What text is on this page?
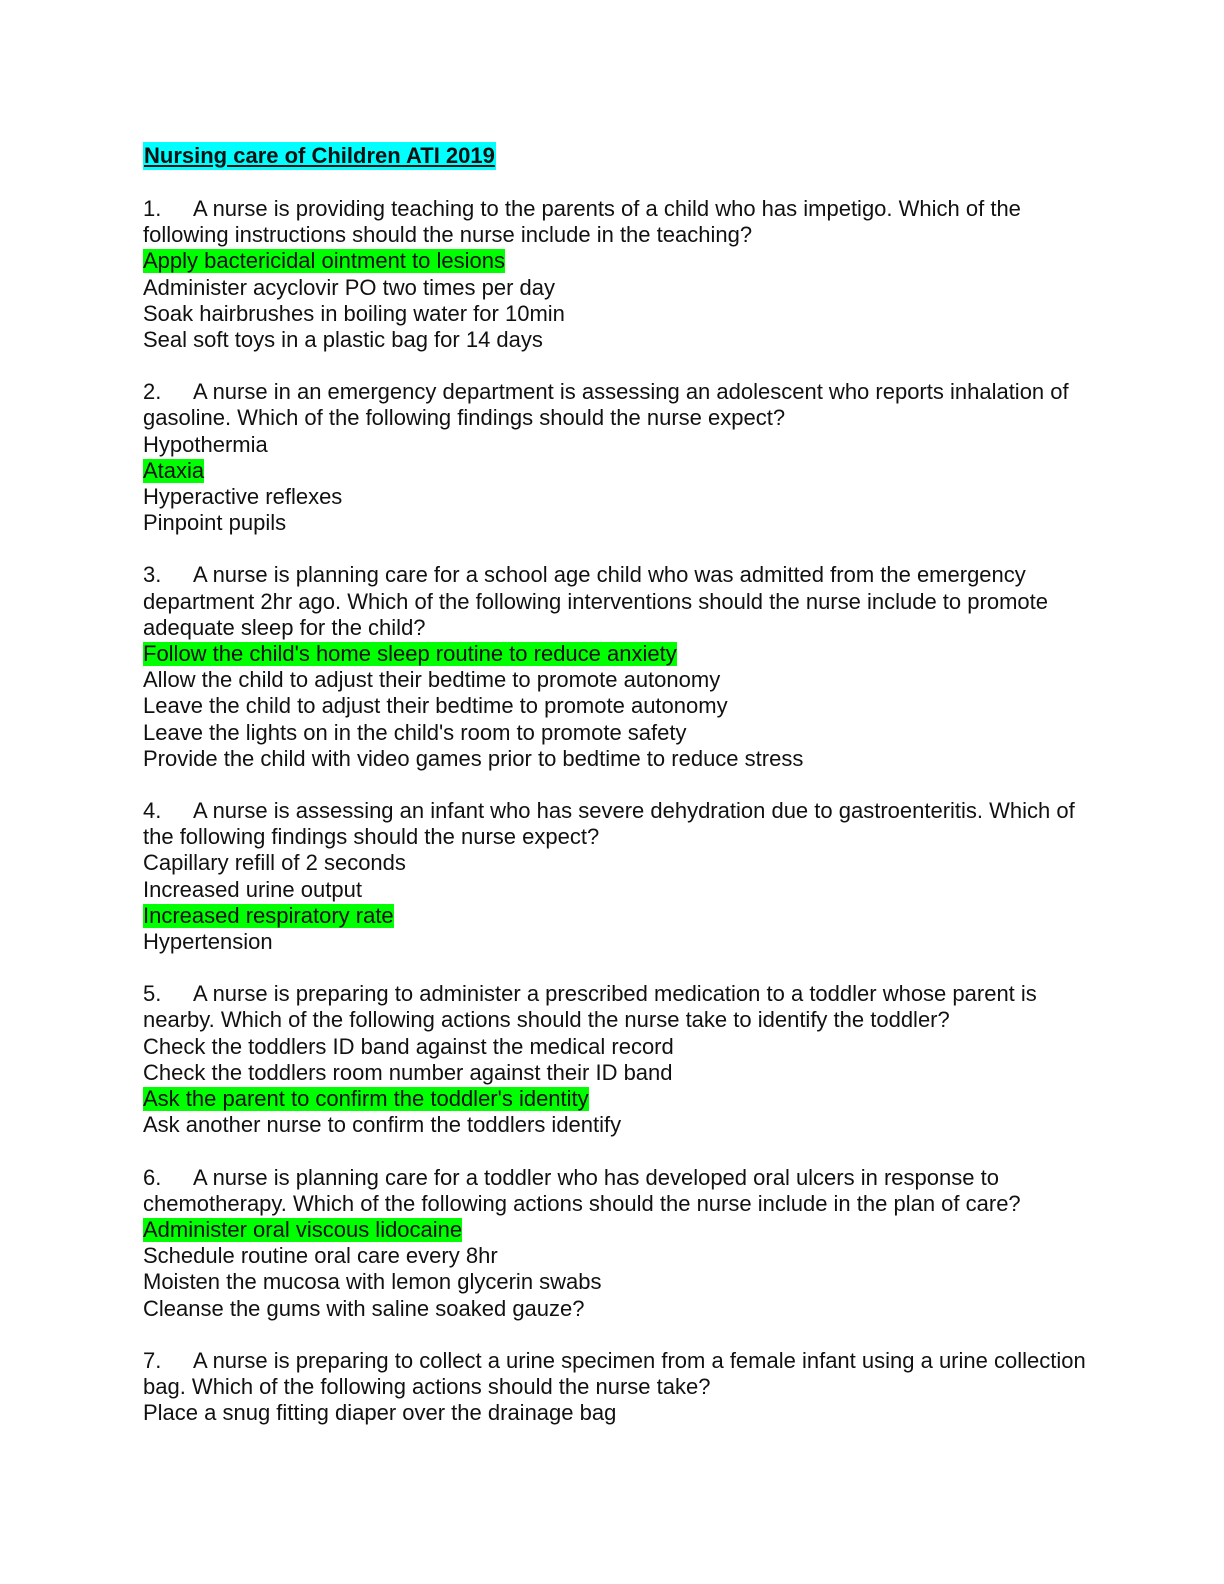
Nursing care of Children ATI 2019

1. A nurse is providing teaching to the parents of a child who has impetigo. Which of the following instructions should the nurse include in the teaching?

Apply bactericidal ointment to lesions
Administer acyclovir PO two times per day
Soak hairbrushes in boiling water for 10min
Seal soft toys in a plastic bag for 14 days

2. A nurse in an emergency department is assessing an adolescent who reports inhalation of gasoline. Which of the following findings should the nurse expect?

Hypothermia
Ataxia
Hyperactive reflexes
Pinpoint pupils

3. A nurse is planning care for a school age child who was admitted from the emergency department 2hr ago. Which of the following interventions should the nurse include to promote adequate sleep for the child?

Follow the child's home sleep routine to reduce anxiety
Allow the child to adjust their bedtime to promote autonomy
Leave the child to adjust their bedtime to promote autonomy
Leave the lights on in the child's room to promote safety
Provide the child with video games prior to bedtime to reduce stress

4. A nurse is assessing an infant who has severe dehydration due to gastroenteritis. Which of the following findings should the nurse expect?

Capillary refill of 2 seconds
Increased urine output
Increased respiratory rate
Hypertension

5. A nurse is preparing to administer a prescribed medication to a toddler whose parent is nearby. Which of the following actions should the nurse take to identify the toddler?

Check the toddlers ID band against the medical record
Check the toddlers room number against their ID band
Ask the parent to confirm the toddler's identity
Ask another nurse to confirm the toddlers identify

6. A nurse is planning care for a toddler who has developed oral ulcers in response to chemotherapy. Which of the following actions should the nurse include in the plan of care?

Administer oral viscous lidocaine
Schedule routine oral care every 8hr
Moisten the mucosa with lemon glycerin swabs
Cleanse the gums with saline soaked gauze?

7. A nurse is preparing to collect a urine specimen from a female infant using a urine collection bag. Which of the following actions should the nurse take?

Place a snug fitting diaper over the drainage bag
